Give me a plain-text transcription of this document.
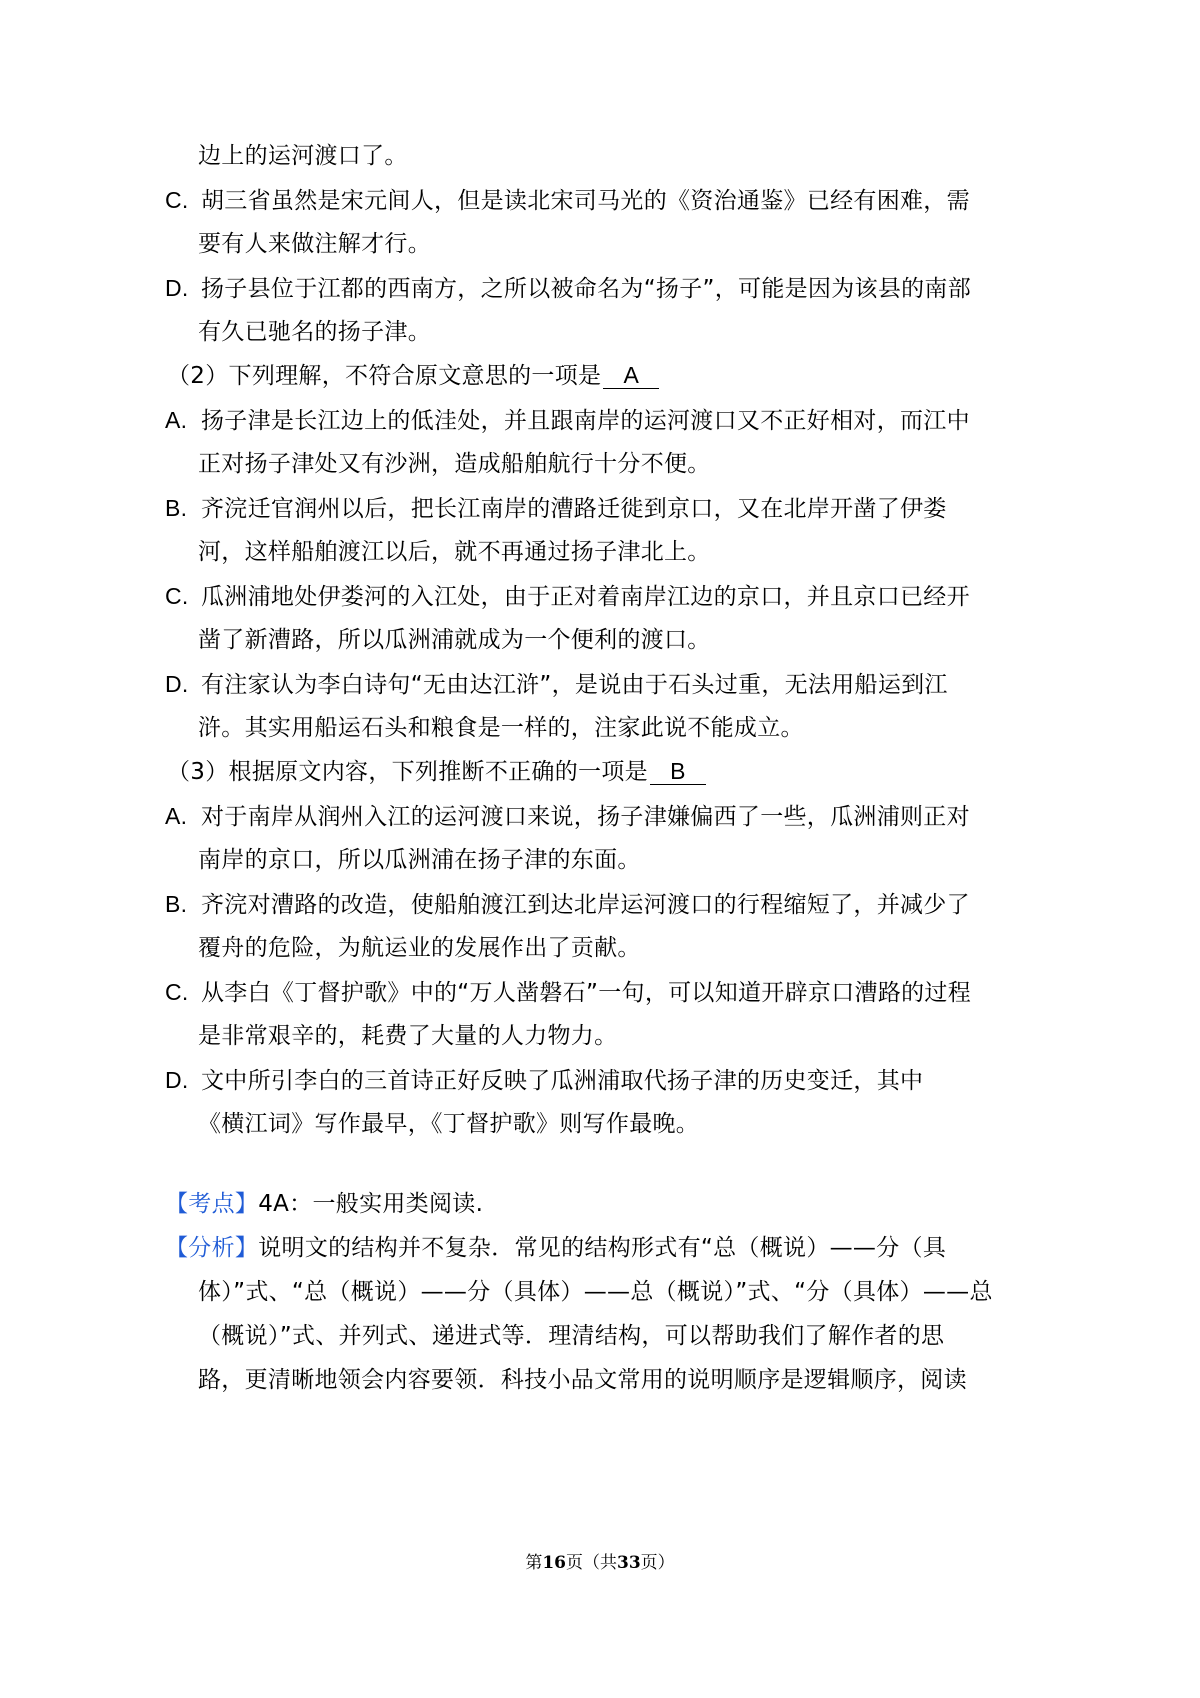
边上的运河渡口了。
C. 胡三省虽然是宋元间人，但是读北宋司马光的《资治通鉴》已经有困难，需
要有人来做注解才行。
D. 扬子县位于江都的西南方，之所以被命名为“扬子”，可能是因为该县的南部
有久已驰名的扬子津。
（2）下列理解，不符合原文意思的一项是 A
A. 扬子津是长江边上的低洼处，并且跟南岸的运河渡口又不正好相对，而江中
正对扬子津处又有沙洲，造成船舶航行十分不便。
B. 齐浣迁官润州以后，把长江南岸的漕路迁徙到京口，又在北岸开凿了伊娄
河，这样船舶渡江以后，就不再通过扬子津北上。
C. 瓜洲浦地处伊娄河的入江处，由于正对着南岸江边的京口，并且京口已经开
凿了新漕路，所以瓜洲浦就成为一个便利的渡口。
D. 有注家认为李白诗句“无由达江浒”，是说由于石头过重，无法用船运到江
浒。其实用船运石头和粮食是一样的，注家此说不能成立。
（3）根据原文内容，下列推断不正确的一项是 B
A. 对于南岸从润州入江的运河渡口来说，扬子津嫌偏西了一些，瓜洲浦则正对
南岸的京口，所以瓜洲浦在扬子津的东面。
B. 齐浣对漕路的改造，使船舶渡江到达北岸运河渡口的行程缩短了，并减少了
覆舟的危险，为航运业的发展作出了贡献。
C. 从李白《丁督护歌》中的“万人凿磐石”一句，可以知道开辟京口漕路的过程
是非常艰辛的，耗费了大量的人力物力。
D. 文中所引李白的三首诗正好反映了瓜洲浦取代扬子津的历史变迁，其中
《横江词》写作最早，《丁督护歌》则写作最晚。
【考点】4A：一般实用类阅读.
【分析】说明文的结构并不复杂．常见的结构形式有“总（概说）——分（具
体）”式、“总（概说）——分（具体）——总（概说）”式、“分（具体）——总
（概说）”式、并列式、递进式等．理清结构，可以帮助我们了解作者的思
路，更清晰地领会内容要领．科技小品文常用的说明顺序是逻辑顺序，阅读
第16页（共33页）
